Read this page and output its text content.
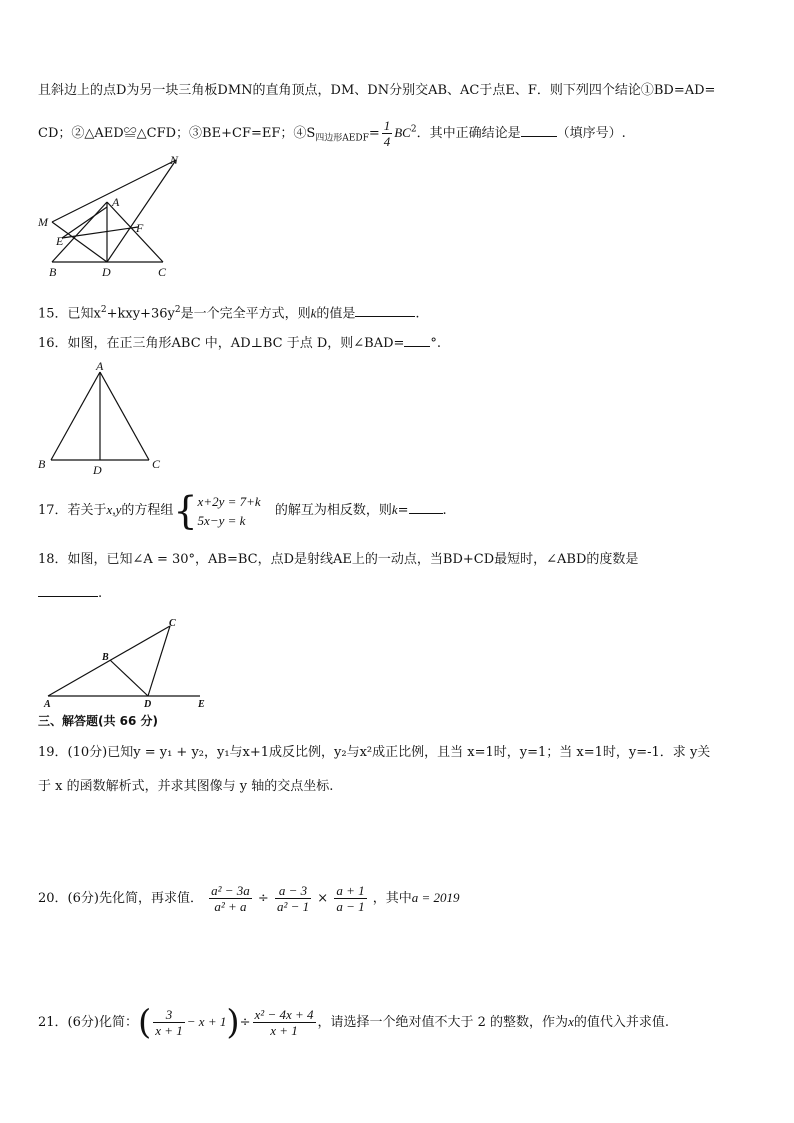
且斜边上的点D为另一块三角板DMN的直角顶点，DM、DN分别交AB、AC于点E、F．则下列四个结论①BD=AD=
CD；②△AED≌△CFD；③BE+CF=EF；$④S_{四边形AEDF}= \frac{1}{4} BC^2$．其中正确结论是	（填序号）.
N
A
M	F
E
B	D	C
15．已知$x^2+kxy+36y^2$是一个完全平方式，则k的值是	.
16．如图，在正三角形ABC 中，AD⊥BC 于点 D，则∠BAD= °.
A
B	D	C
17．若关于x,y的方程组{ x+2y = 7+k
5x−y = k
的解互为相反数，则k=	.
18．如图，已知∠A = 30°，AB=BC，点D是射线AE上的一动点，当BD+CD最短时，∠ABD的度数是
.
C
B
A	D	E
三、解答题(共 66 分)
19．(10分)已知y = y₁ + y₂，y₁与x+1成反比例，y₂与x²成正比例，且当 x=1时，y=1；当 x=1时，y=-1．求 y关
于 x 的函数解析式，并求其图像与 y 轴的交点坐标.
20．(6分)先化简，再求值． $\frac{\text{a² − 3a}}{\text{a² + a}} \div \frac{a - 3}{\text{a² − 1}} \times \frac{a + 1}{a - 1}$ ，其中a = 2019
21．(6分)化简：( $\frac{3}{x + 1} - x + 1)\div \frac{\text{x² − 4x + 4}}{x + 1}$ ，请选择一个绝对值不大于 2 的整数，作为x的值代入并求值.
